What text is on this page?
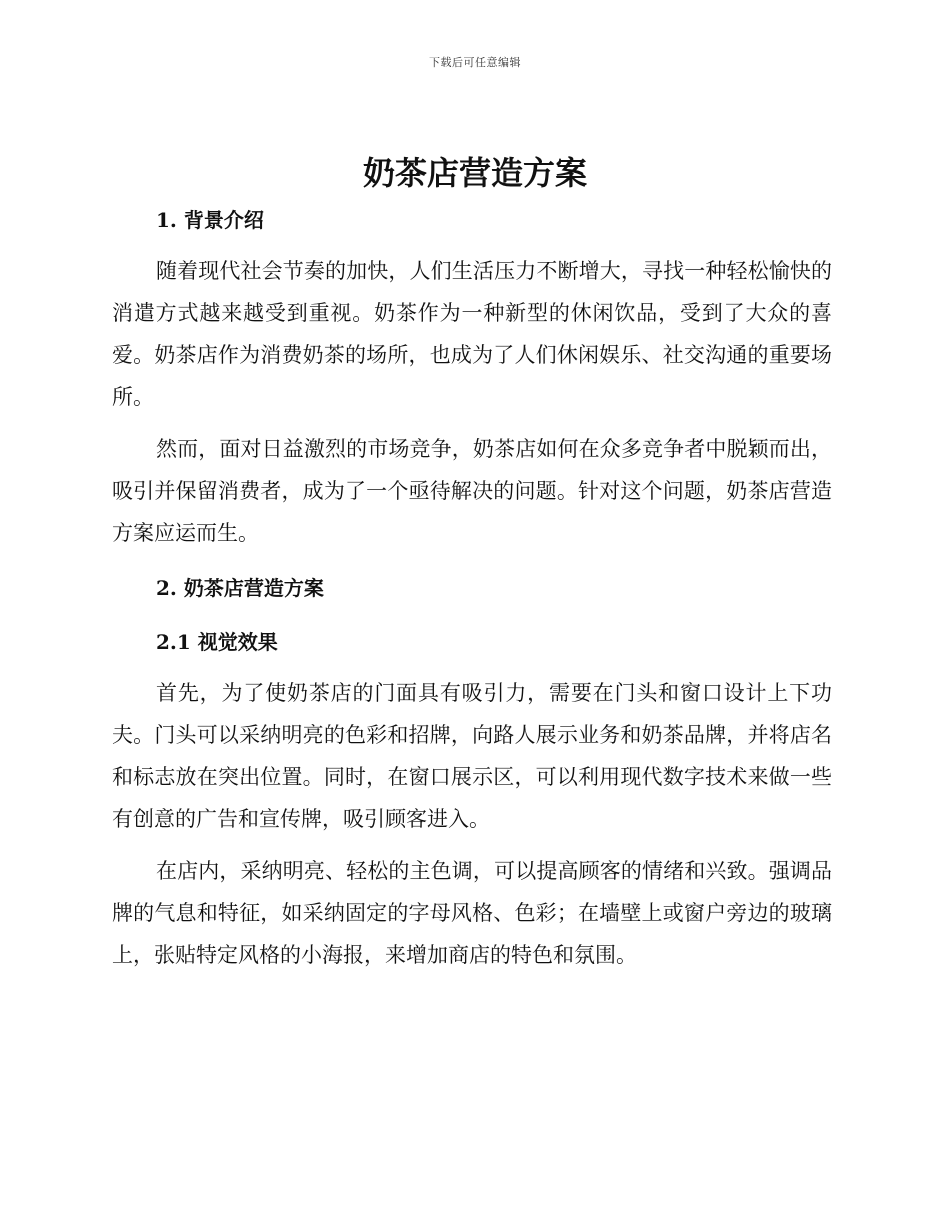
下载后可任意编辑
奶茶店营造方案
1. 背景介绍

随着现代社会节奏的加快，人们生活压力不断增大，寻找一种轻松愉快的消遣方式越来越受到重视。奶茶作为一种新型的休闲饮品，受到了大众的喜爱。奶茶店作为消费奶茶的场所，也成为了人们休闲娱乐、社交沟通的重要场所。

然而，面对日益激烈的市场竞争，奶茶店如何在众多竞争者中脱颖而出，吸引并保留消费者，成为了一个亟待解决的问题。针对这个问题，奶茶店营造方案应运而生。

2. 奶茶店营造方案
2.1 视觉效果

首先，为了使奶茶店的门面具有吸引力，需要在门头和窗口设计上下功夫。门头可以采纳明亮的色彩和招牌，向路人展示业务和奶茶品牌，并将店名和标志放在突出位置。同时，在窗口展示区，可以利用现代数字技术来做一些有创意的广告和宣传牌，吸引顾客进入。

在店内，采纳明亮、轻松的主色调，可以提高顾客的情绪和兴致。强调品牌的气息和特征，如采纳固定的字母风格、色彩；在墙壁上或窗户旁边的玻璃上，张贴特定风格的小海报，来增加商店的特色和氛围。
